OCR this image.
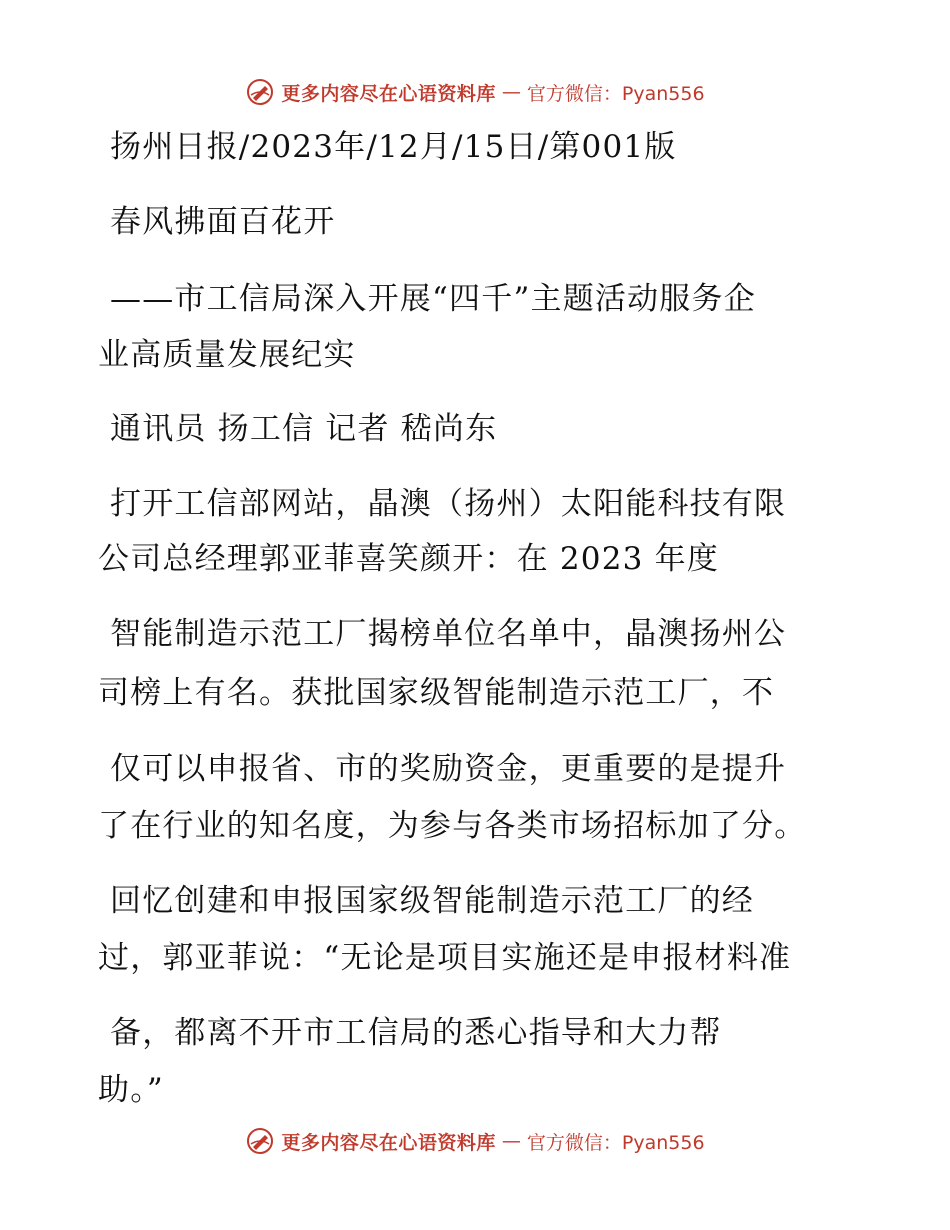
更多内容尽在心语资料库 — 官方微信：Pyan556
扬州日报/2023年/12月/15日/第001版
春风拂面百花开
——市工信局深入开展“四千”主题活动服务企
业高质量发展纪实
通讯员 扬工信 记者 嵇尚东
打开工信部网站，晶澳（扬州）太阳能科技有限
公司总经理郭亚菲喜笑颜开：在 2023 年度
智能制造示范工厂揭榜单位名单中，晶澳扬州公
司榜上有名。获批国家级智能制造示范工厂，不
仅可以申报省、市的奖励资金，更重要的是提升
了在行业的知名度，为参与各类市场招标加了分。
回忆创建和申报国家级智能制造示范工厂的经
过，郭亚菲说：“无论是项目实施还是申报材料准
备，都离不开市工信局的悉心指导和大力帮
助。”
更多内容尽在心语资料库 — 官方微信：Pyan556
